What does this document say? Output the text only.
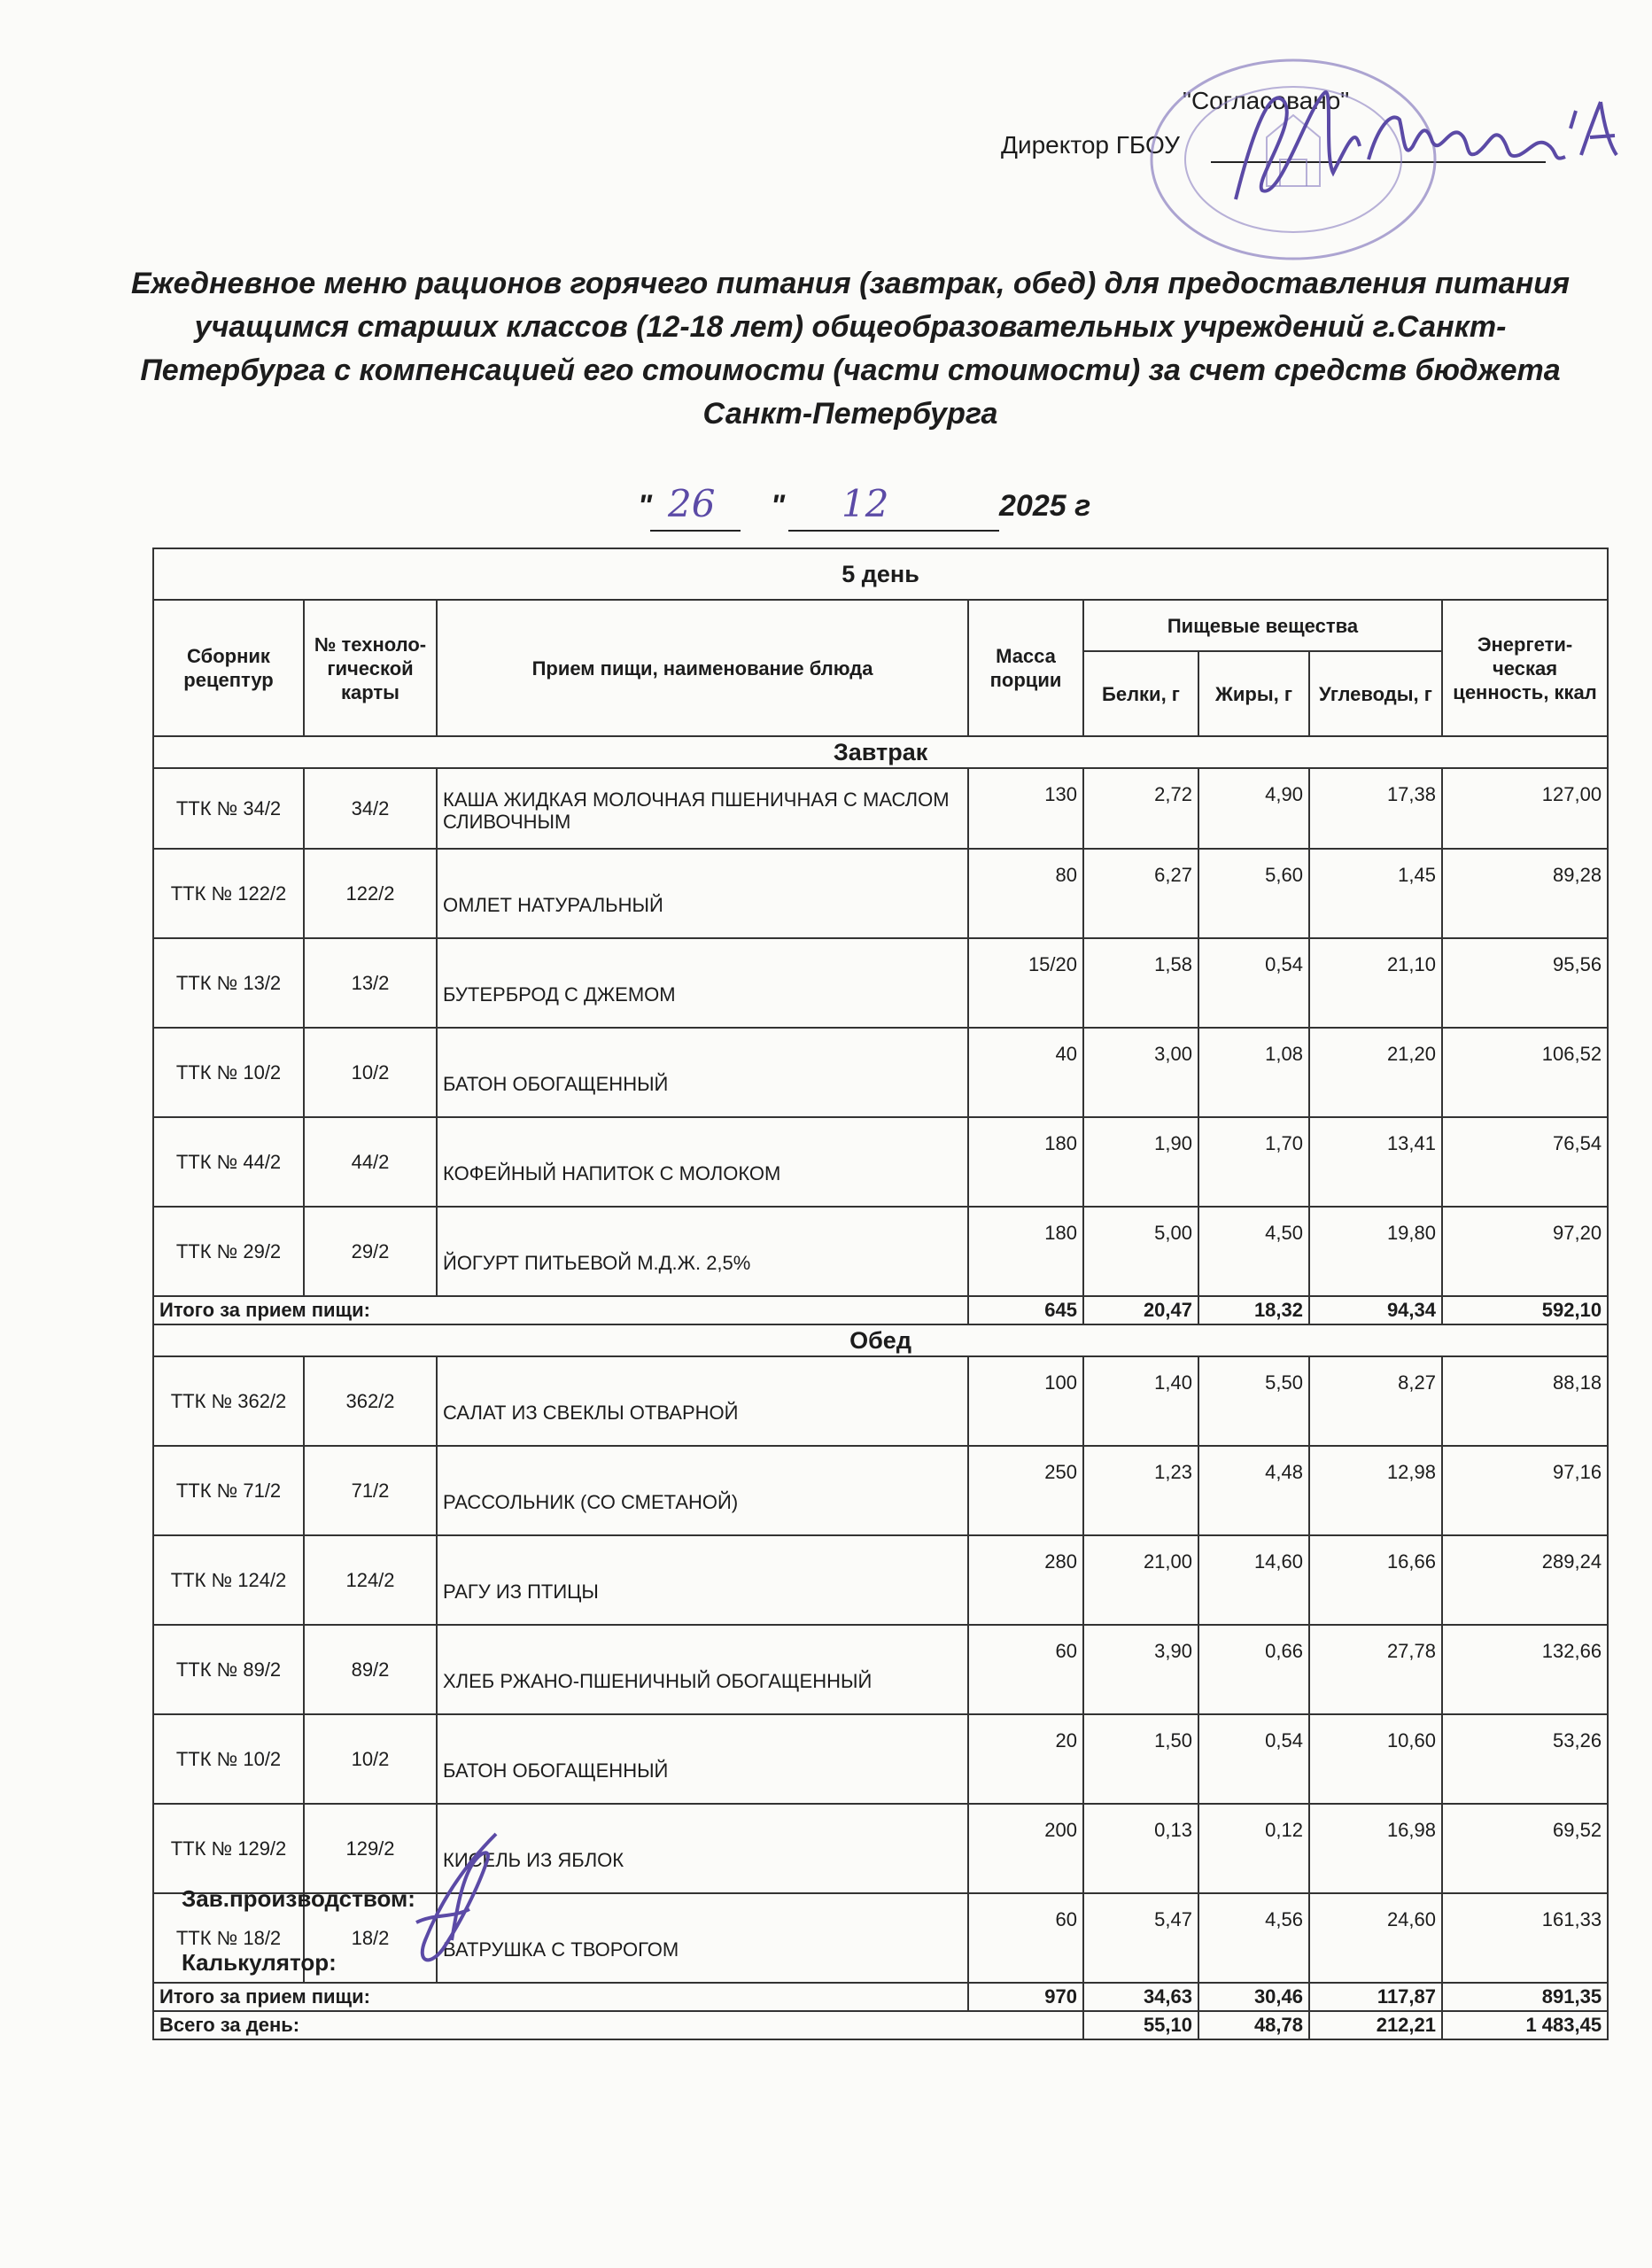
"Согласовано"
Директор ГБОУ
Ежедневное меню рационов горячего питания (завтрак, обед) для предоставления питания учащимся старших классов (12-18 лет) общеобразовательных учреждений г.Санкт-Петербурга с компенсацией его стоимости (части стоимости) за счет средств бюджета Санкт-Петербурга
" 26 " 12	2025 г
5 день							
Сборник рецептур	№ техноло-гической карты	Прием пищи, наименование блюда	Масса порции	Пищевые вещества			Энергети-ческая ценность, ккал
				Белки, г	Жиры, г	Углеводы, г	
Завтрак							
ТТК № 34/2	34/2	КАША ЖИДКАЯ МОЛОЧНАЯ ПШЕНИЧНАЯ С МАСЛОМ СЛИВОЧНЫМ	130	2,72	4,90	17,38	127,00
ТТК № 122/2	122/2	ОМЛЕТ НАТУРАЛЬНЫЙ	80	6,27	5,60	1,45	89,28
ТТК № 13/2	13/2	БУТЕРБРОД С ДЖЕМОМ	15/20	1,58	0,54	21,10	95,56
ТТК № 10/2	10/2	БАТОН ОБОГАЩЕННЫЙ	40	3,00	1,08	21,20	106,52
ТТК № 44/2	44/2	КОФЕЙНЫЙ НАПИТОК С МОЛОКОМ	180	1,90	1,70	13,41	76,54
ТТК № 29/2	29/2	ЙОГУРТ ПИТЬЕВОЙ М.Д.Ж. 2,5%	180	5,00	4,50	19,80	97,20
Итого за прием пищи:			645	20,47	18,32	94,34	592,10
Обед							
ТТК № 362/2	362/2	САЛАТ ИЗ СВЕКЛЫ ОТВАРНОЙ	100	1,40	5,50	8,27	88,18
ТТК № 71/2	71/2	РАССОЛЬНИК (СО СМЕТАНОЙ)	250	1,23	4,48	12,98	97,16
ТТК № 124/2	124/2	РАГУ ИЗ ПТИЦЫ	280	21,00	14,60	16,66	289,24
ТТК № 89/2	89/2	ХЛЕБ РЖАНО-ПШЕНИЧНЫЙ ОБОГАЩЕННЫЙ	60	3,90	0,66	27,78	132,66
ТТК № 10/2	10/2	БАТОН ОБОГАЩЕННЫЙ	20	1,50	0,54	10,60	53,26
ТТК № 129/2	129/2	КИСЕЛЬ ИЗ ЯБЛОК	200	0,13	0,12	16,98	69,52
ТТК № 18/2	18/2	ВАТРУШКА С ТВОРОГОМ	60	5,47	4,56	24,60	161,33
Итого за прием пищи:			970	34,63	30,46	117,87	891,35
Всего за день:				55,10	48,78	212,21	1 483,45
Зав.производством:
Калькулятор:
